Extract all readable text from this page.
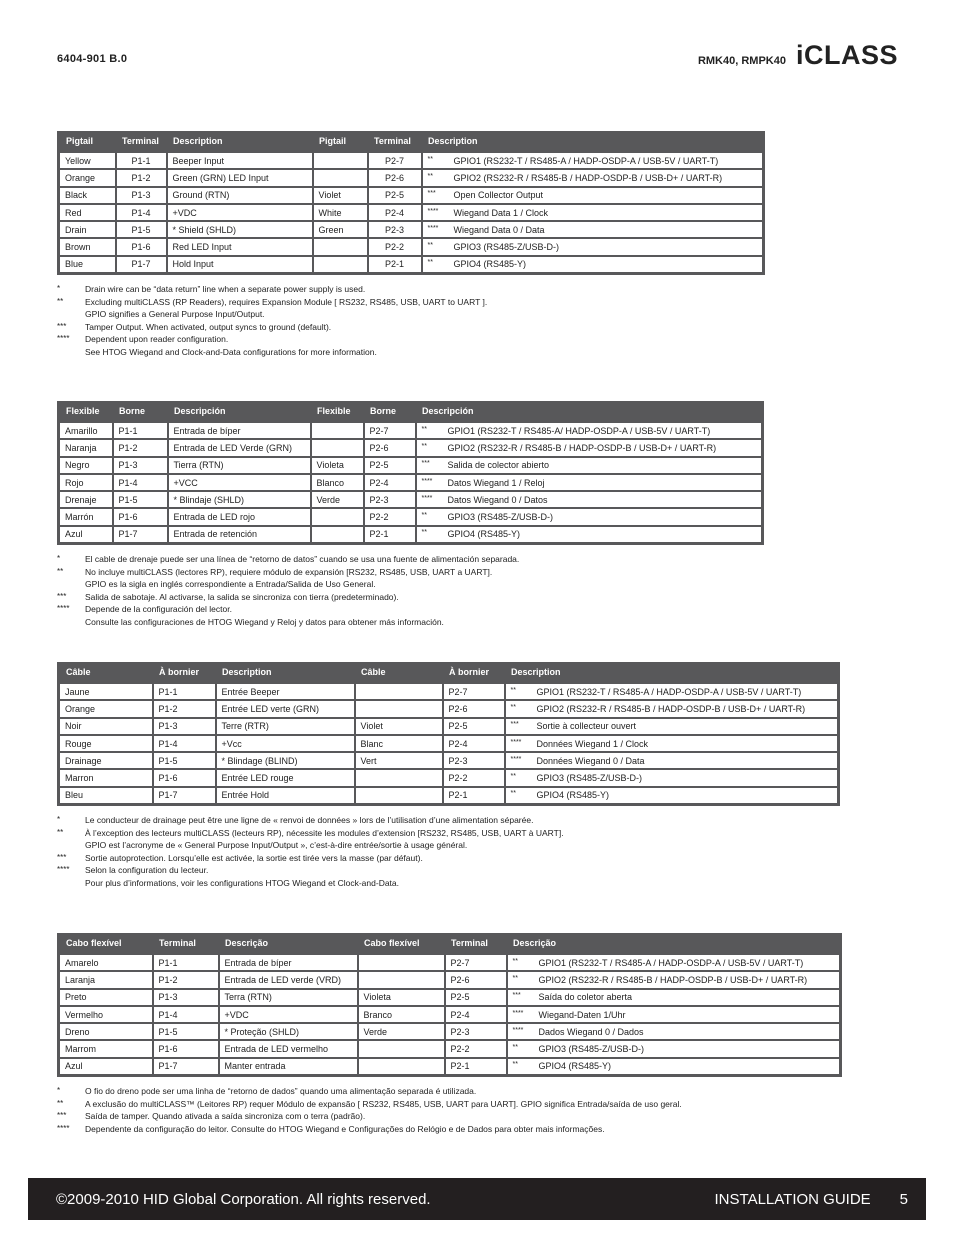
6404-901 B.0	RMK40, RMPK40 iCLASS
Pigtail	Terminal	Description	Pigtail	Terminal	Description
Yellow	P1-1	Beeper Input		P2-7	** GPIO1 (RS232-T / RS485-A / HADP-OSDP-A / USB-5V / UART-T)
Orange	P1-2	Green (GRN) LED Input		P2-6	** GPIO2 (RS232-R / RS485-B / HADP-OSDP-B / USB-D+ / UART-R)
Black	P1-3	Ground (RTN)	Violet	P2-5	*** Open Collector Output
Red	P1-4	+VDC	White	P2-4	**** Wiegand Data 1 / Clock
Drain	P1-5	* Shield (SHLD)	Green	P2-3	**** Wiegand Data 0 / Data
Brown	P1-6	Red LED Input		P2-2	** GPIO3 (RS485-Z/USB-D-)
Blue	P1-7	Hold Input		P2-1	** GPIO4 (RS485-Y)
*	Drain wire can be “data return” line when a separate power supply is used.
**	Excluding multiCLASS (RP Readers), requires Expansion Module [ RS232, RS485, USB, UART to UART ].
GPIO signifies a General Purpose Input/Output.
***	Tamper Output. When activated, output syncs to ground (default).
****	Dependent upon reader configuration.
See HTOG Wiegand and Clock-and-Data configurations for more information.
Flexible	Borne	Descripción	Flexible	Borne	Descripción
Amarillo	P1-1	Entrada de bíper		P2-7	** GPIO1 (RS232-T / RS485-A/ HADP-OSDP-A / USB-5V / UART-T)
Naranja	P1-2	Entrada de LED Verde (GRN)		P2-6	** GPIO2 (RS232-R / RS485-B / HADP-OSDP-B / USB-D+ / UART-R)
Negro	P1-3	Tierra (RTN)	Violeta	P2-5	*** Salida de colector abierto
Rojo	P1-4	+VCC	Blanco	P2-4	**** Datos Wiegand 1 / Reloj
Drenaje	P1-5	* Blindaje (SHLD)	Verde	P2-3	**** Datos Wiegand 0 / Datos
Marrón	P1-6	Entrada de LED rojo		P2-2	** GPIO3 (RS485-Z/USB-D-)
Azul	P1-7	Entrada de retención		P2-1	** GPIO4 (RS485-Y)
*	El cable de drenaje puede ser una línea de “retorno de datos” cuando se usa una fuente de alimentación separada.
**	No incluye multiCLASS (lectores RP), requiere módulo de expansión [RS232, RS485, USB, UART a UART].
GPIO es la sigla en inglés correspondiente a Entrada/Salida de Uso General.
***	Salida de sabotaje. Al activarse, la salida se sincroniza con tierra (predeterminado).
****	Depende de la configuración del lector.
Consulte las configuraciones de HTOG Wiegand y Reloj y datos para obtener más información.
Câble	À bornier	Description	Câble	À bornier	Description
Jaune	P1-1	Entrée Beeper		P2-7	** GPIO1 (RS232-T / RS485-A / HADP-OSDP-A / USB-5V / UART-T)
Orange	P1-2	Entrée LED verte (GRN)		P2-6	** GPIO2 (RS232-R / RS485-B / HADP-OSDP-B / USB-D+ / UART-R)
Noir	P1-3	Terre (RTR)	Violet	P2-5	*** Sortie à collecteur ouvert
Rouge	P1-4	+Vcc	Blanc	P2-4	**** Données Wiegand 1 / Clock
Drainage	P1-5	* Blindage (BLIND)	Vert	P2-3	**** Données Wiegand 0 / Data
Marron	P1-6	Entrée LED rouge		P2-2	** GPIO3 (RS485-Z/USB-D-)
Bleu	P1-7	Entrée Hold		P2-1	** GPIO4 (RS485-Y)
*	Le conducteur de drainage peut être une ligne de « renvoi de données » lors de l’utilisation d’une alimentation séparée.
**	À l’exception des lecteurs multiCLASS (lecteurs RP), nécessite les modules d’extension [RS232, RS485, USB, UART à UART].
GPIO est l’acronyme de « General Purpose Input/Output », c’est-à-dire entrée/sortie à usage général.
***	Sortie autoprotection. Lorsqu’elle est activée, la sortie est tirée vers la masse (par défaut).
****	Selon la configuration du lecteur.
Pour plus d’informations, voir les configurations HTOG Wiegand et Clock-and-Data.
Cabo flexível	Terminal	Descrição	Cabo flexível	Terminal	Descrição
Amarelo	P1-1	Entrada de bíper		P2-7	** GPIO1 (RS232-T / RS485-A / HADP-OSDP-A / USB-5V / UART-T)
Laranja	P1-2	Entrada de LED verde (VRD)		P2-6	** GPIO2 (RS232-R / RS485-B / HADP-OSDP-B / USB-D+ / UART-R)
Preto	P1-3	Terra (RTN)	Violeta	P2-5	*** Saída do coletor aberta
Vermelho	P1-4	+VDC	Branco	P2-4	**** Wiegand-Daten 1/Uhr
Dreno	P1-5	* Proteção (SHLD)	Verde	P2-3	**** Dados Wiegand 0 / Dados
Marrom	P1-6	Entrada de LED vermelho		P2-2	** GPIO3 (RS485-Z/USB-D-)
Azul	P1-7	Manter entrada		P2-1	** GPIO4 (RS485-Y)
*	O fio do dreno pode ser uma linha de “retorno de dados” quando uma alimentação separada é utilizada.
**	A exclusão do multiCLASS™ (Leitores RP) requer Módulo de expansão [ RS232, RS485, USB, UART para UART]. GPIO significa Entrada/saída de uso geral.
***	Saída de tamper. Quando ativada a saída sincroniza com o terra (padrão).
****	Dependente da configuração do leitor. Consulte do HTOG Wiegand e Configurações do Relógio e de Dados para obter mais informações.
©2009-2010 HID Global Corporation. All rights reserved.	INSTALLATION GUIDE 5
